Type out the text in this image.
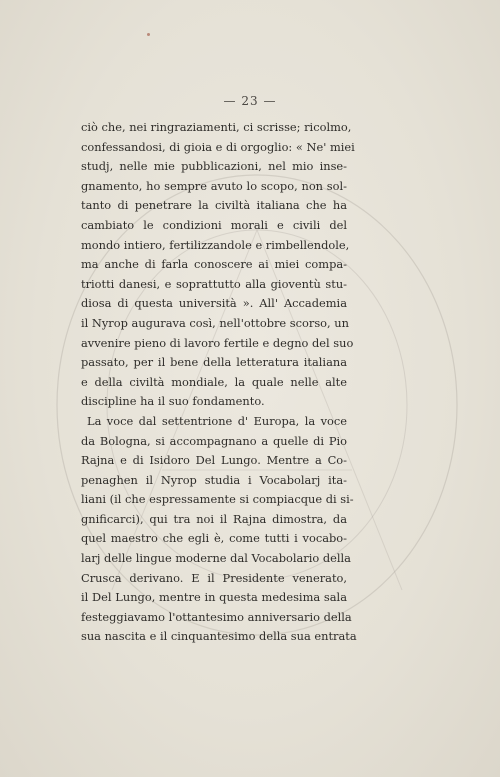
— 23 —

ciò che, nei ringraziamenti, ci scrisse; ricolmo,
confessandosi, di gioia e di orgoglio: « Ne' miei
studj, nelle mie pubblicazioni, nel mio inse-
gnamento, ho sempre avuto lo scopo, non sol-
tanto di penetrare la civiltà italiana che ha
cambiato le condizioni morali e civili del
mondo intiero, fertilizzandole e rimbellendole,
ma anche di farla conoscere ai miei compa-
triotti danesi, e soprattutto alla gioventù stu-
diosa di questa università ». All' Accademia
il Nyrop augurava così, nell'ottobre scorso, un
avvenire pieno di lavoro fertile e degno del suo
passato, per il bene della letteratura italiana
e della civiltà mondiale, la quale nelle alte
discipline ha il suo fondamento.

La voce dal settentrione d' Europa, la voce
da Bologna, si accompagnano a quelle di Pio
Rajna e di Isidoro Del Lungo. Mentre a Co-
penaghen il Nyrop studia i Vocabolarj ita-
liani (il che espressamente si compiacque di si-
gnificarci), qui tra noi il Rajna dimostra, da
quel maestro che egli è, come tutti i vocabo-
larj delle lingue moderne dal Vocabolario della
Crusca derivano. E il Presidente venerato,
il Del Lungo, mentre in questa medesima sala
festeggiavamo l'ottantesimo anniversario della
sua nascita e il cinquantesimo della sua entrata
